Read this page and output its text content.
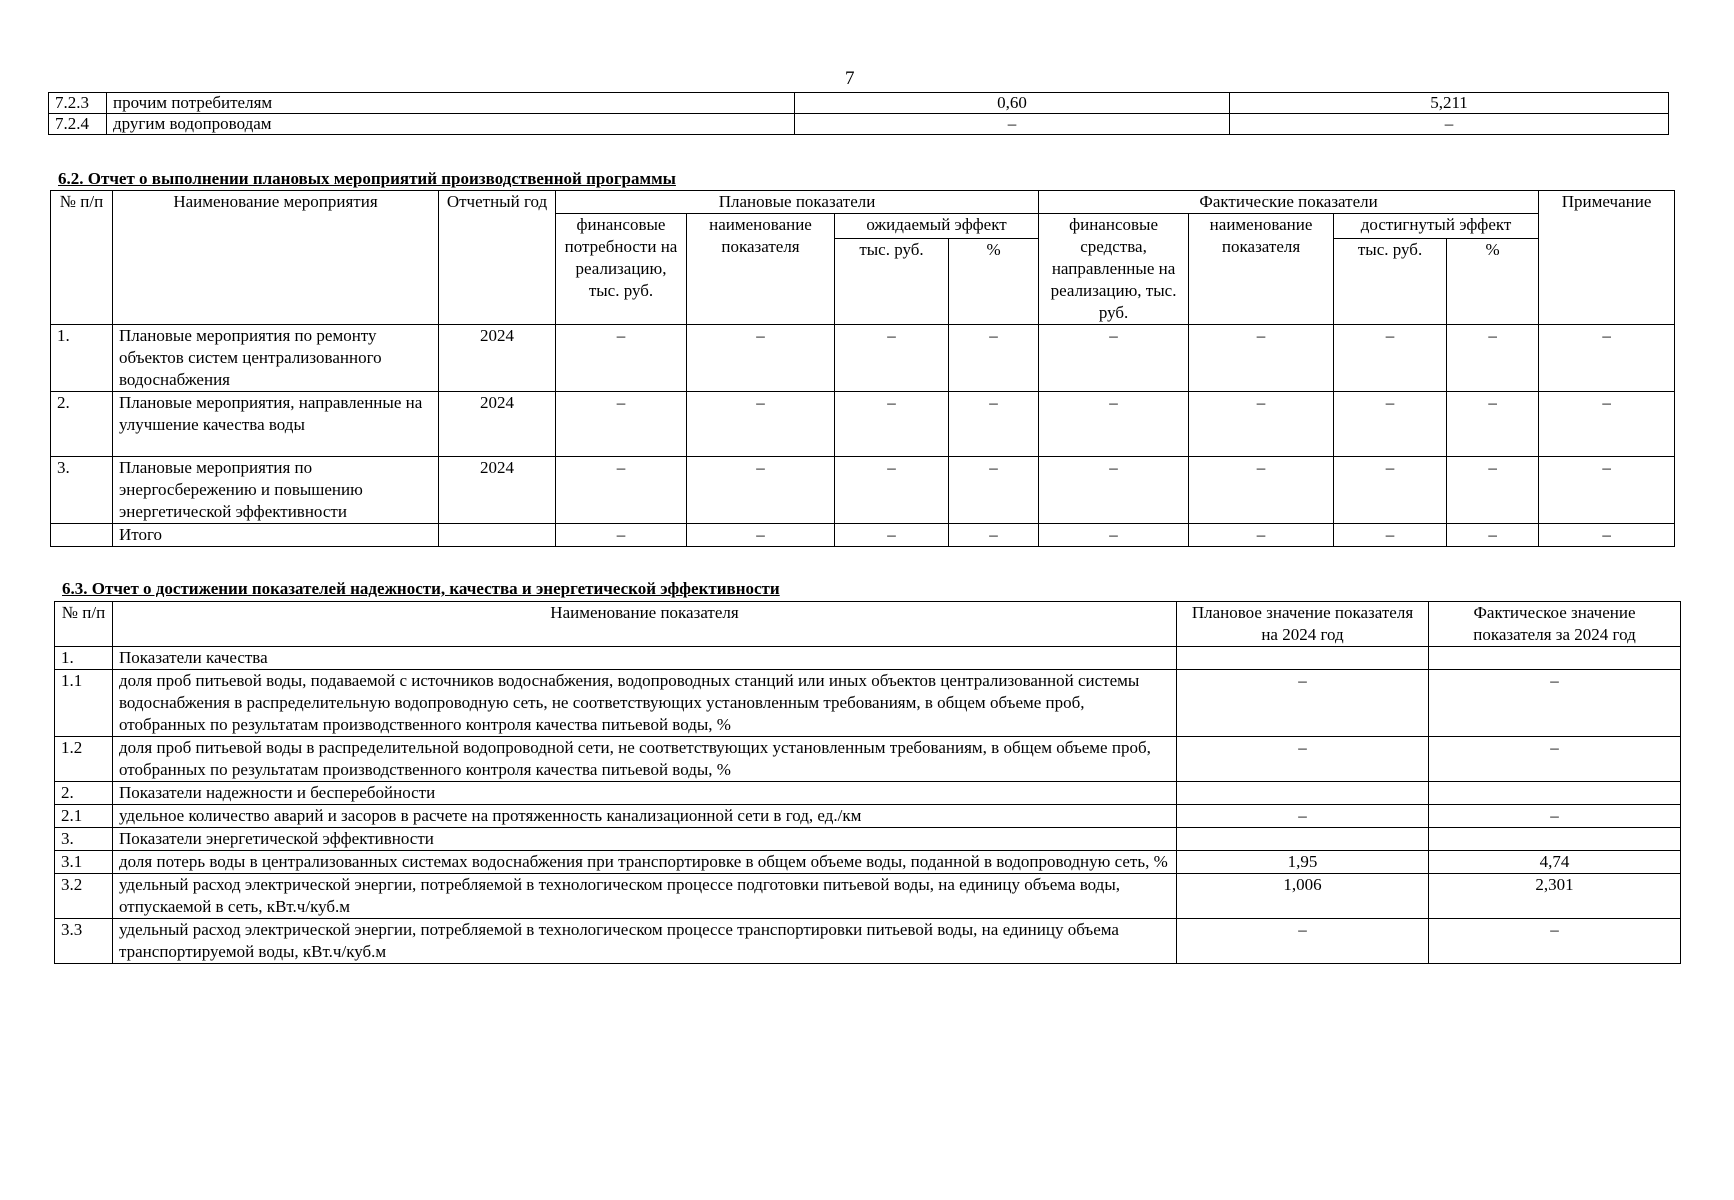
7
7.2.3	прочим потребителям	0,60	5,211
7.2.4	другим водопроводам	–	–
6.2. Отчет о выполнении плановых мероприятий производственной программы
№ п/п	Наименование мероприятия	Отчетный год	Плановые показатели				Фактические показатели				Примечание
			финансовые потребности на реализацию, тыс. руб.	наименование показателя	ожидаемый эффект		финансовые средства, направленные на реализацию, тыс. руб.	наименование показателя	достигнутый эффект		
					тыс. руб.	%			тыс. руб.	%	
1.	Плановые мероприятия по ремонту объектов систем централизованного водоснабжения	2024	–	–	–	–	–	–	–	–	–
2.	Плановые мероприятия, направленные на улучшение качества воды	2024	–	–	–	–	–	–	–	–	–
3.	Плановые мероприятия по энергосбережению и повышению энергетической эффективности	2024	–	–	–	–	–	–	–	–	–
	Итого		–	–	–	–	–	–	–	–	–
6.3. Отчет о достижении показателей надежности, качества и энергетической эффективности
№ п/п	Наименование показателя	Плановое значение показателя на 2024 год	Фактическое значение показателя за 2024 год
1.	Показатели качества		
1.1	доля проб питьевой воды, подаваемой с источников водоснабжения, водопроводных станций или иных объектов централизованной системы водоснабжения в распределительную водопроводную сеть, не соответствующих установленным требованиям, в общем объеме проб, отобранных по результатам производственного контроля качества питьевой воды, %	–	–
1.2	доля проб питьевой воды в распределительной водопроводной сети, не соответствующих установленным требованиям, в общем объеме проб, отобранных по результатам производственного контроля качества питьевой воды, %	–	–
2.	Показатели надежности и бесперебойности		
2.1	удельное количество аварий и засоров в расчете на протяженность канализационной сети в год, ед./км	–	–
3.	Показатели энергетической эффективности		
3.1	доля потерь воды в централизованных системах водоснабжения при транспортировке в общем объеме воды, поданной в водопроводную сеть, %	1,95	4,74
3.2	удельный расход электрической энергии, потребляемой в технологическом процессе подготовки питьевой воды, на единицу объема воды, отпускаемой в сеть, кВт.ч/куб.м	1,006	2,301
3.3	удельный расход электрической энергии, потребляемой в технологическом процессе транспортировки питьевой воды, на единицу объема транспортируемой воды, кВт.ч/куб.м	–	–
